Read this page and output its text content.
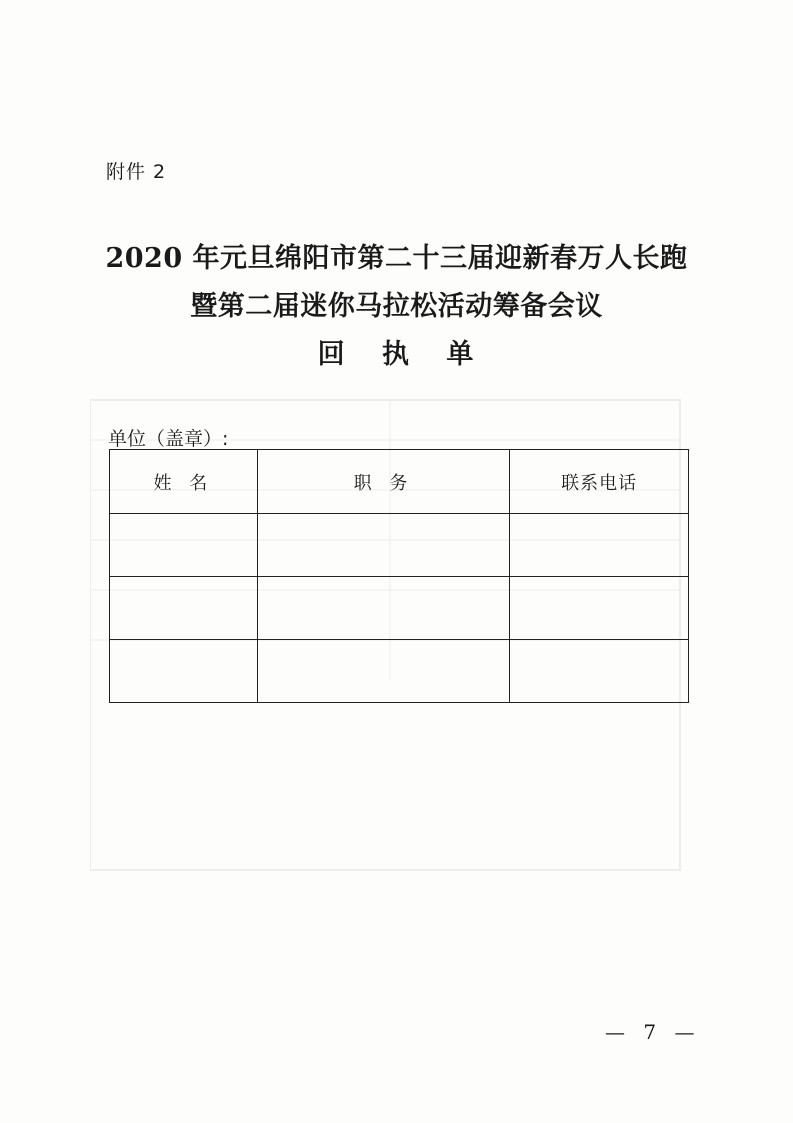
附件 2
2020 年元旦绵阳市第二十三届迎新春万人长跑
暨第二届迷你马拉松活动筹备会议
回 执 单
单位（盖章）:
姓 名	职 务	联系电话

— 7 —
